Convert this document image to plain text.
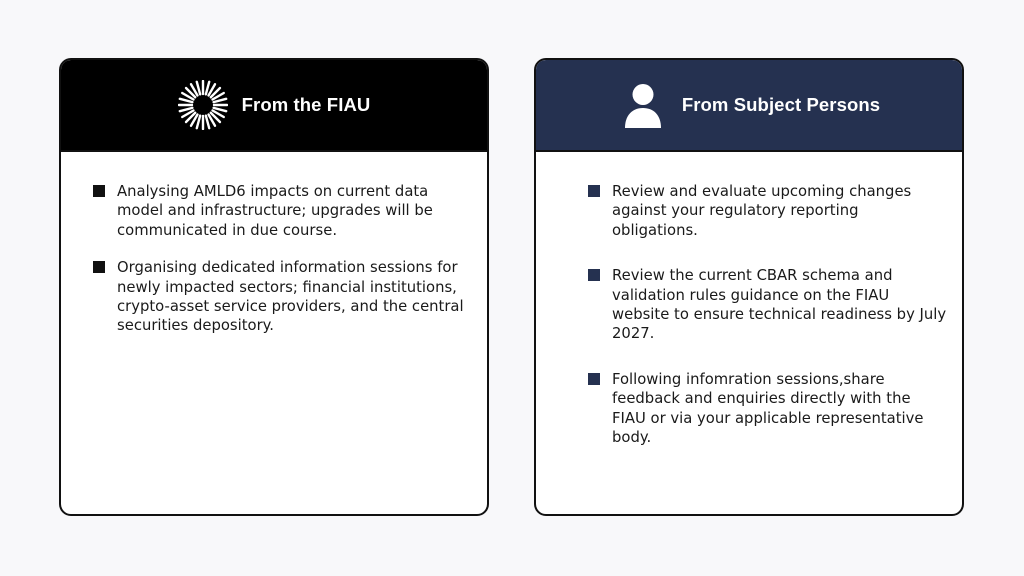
From the FIAU
Analysing AMLD6 impacts on current data model and infrastructure; upgrades will be communicated in due course.
Organising dedicated information sessions for newly impacted sectors; financial institutions, crypto-asset service providers, and the central securities depository.
From Subject Persons
Review and evaluate upcoming changes against your regulatory reporting obligations.
Review the current CBAR schema and validation rules guidance on the FIAU website to ensure technical readiness by July 2027.
Following infomration sessions,share feedback and enquiries directly with the FIAU or via your applicable representative body.
